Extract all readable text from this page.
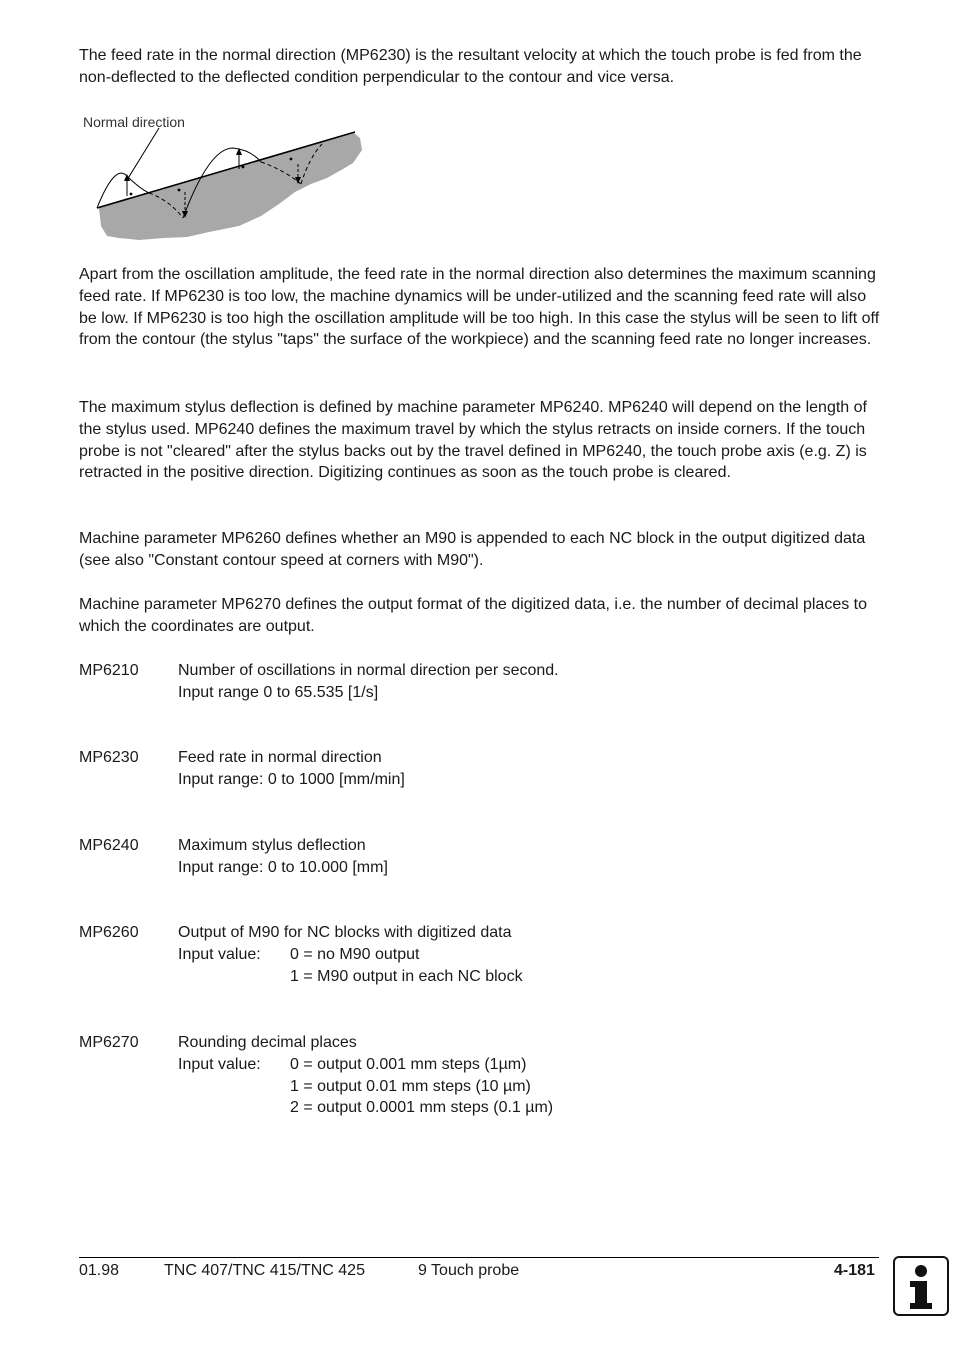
The feed rate in the normal direction (MP6230) is the resultant velocity at which the touch probe is fed from the non-deflected to the deflected condition perpendicular to the contour and vice versa.

Normal direction

Apart from the oscillation amplitude, the feed rate in the normal direction also determines the maximum scanning feed rate. If MP6230 is too low, the machine dynamics will be under-utilized and the scanning feed rate will also be low. If MP6230 is too high the oscillation amplitude will be too high. In this case the stylus will be seen to lift off from the contour (the stylus "taps" the surface of the workpiece) and the scanning feed rate no longer increases.

The maximum stylus deflection is defined by machine parameter MP6240. MP6240 will depend on the length of the stylus used. MP6240 defines the maximum travel by which the stylus retracts on inside corners. If the touch probe is not "cleared" after the stylus backs out by the travel defined in MP6240, the touch probe axis (e.g. Z) is retracted in the positive direction. Digitizing continues as soon as the touch probe is cleared.

Machine parameter MP6260 defines whether an M90 is appended to each NC block in the output digitized data (see also "Constant contour speed at corners with M90").

Machine parameter MP6270 defines the output format of the digitized data, i.e. the number of decimal places to which the coordinates are output.

MP6210	Number of oscillations in normal direction per second.
Input range 0 to 65.535 [1/s]
MP6230	Feed rate in normal direction
Input range: 0 to 1000 [mm/min]
MP6240	Maximum stylus deflection
Input range: 0 to 10.000 [mm]
MP6260	Output of M90 for NC blocks with digitized data
Input value: 0 = no M90 output
1 = M90 output in each NC block
MP6270	Rounding decimal places
Input value: 0 = output 0.001 mm steps (1µm)
1 = output 0.01 mm steps (10 µm)
2 = output 0.0001 mm steps (0.1 µm)
01.98	TNC 407/TNC 415/TNC 425	9 Touch probe	4-181
